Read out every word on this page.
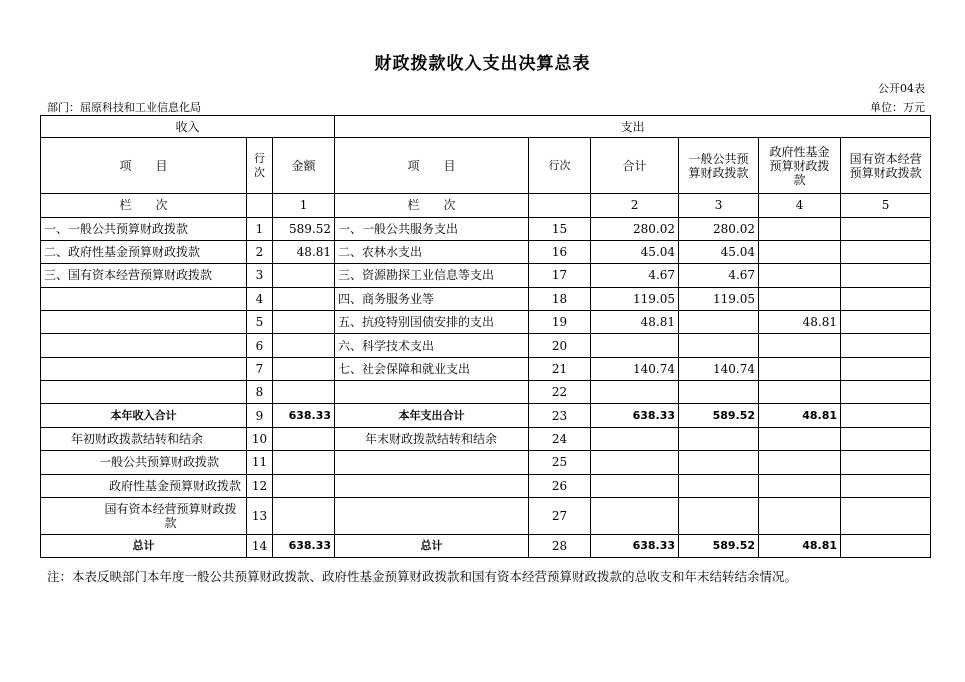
财政拨款收入支出决算总表
公开04表
部门：屈原科技和工业信息化局	单位：万元
收入			支出					
项　　目	行次	金额	项　　目	行次	合计	一般公共预算财政拨款	政府性基金预算财政拨款	国有资本经营预算财政拨款
栏　　次		1	栏　　次		2	3	4	5
一、一般公共预算财政拨款	1	589.52	一、一般公共服务支出	15	280.02	280.02		
二、政府性基金预算财政拨款	2	48.81	二、农林水支出	16	45.04	45.04		
三、国有资本经营预算财政拨款	3		三、资源勘探工业信息等支出	17	4.67	4.67		
	4		四、商务服务业等	18	119.05	119.05		
	5		五、抗疫特别国债安排的支出	19	48.81		48.81	
	6		六、科学技术支出	20				
	7		七、社会保障和就业支出	21	140.74	140.74		
	8			22				
本年收入合计	9	638.33	本年支出合计	23	638.33	589.52	48.81	
年初财政拨款结转和结余	10		年末财政拨款结转和结余	24				
一般公共预算财政拨款	11			25				
政府性基金预算财政拨款	12			26				
国有资本经营预算财政拨款	13			27				
总计	14	638.33	总计	28	638.33	589.52	48.81	
注：本表反映部门本年度一般公共预算财政拨款、政府性基金预算财政拨款和国有资本经营预算财政拨款的总收支和年末结转结余情况。
